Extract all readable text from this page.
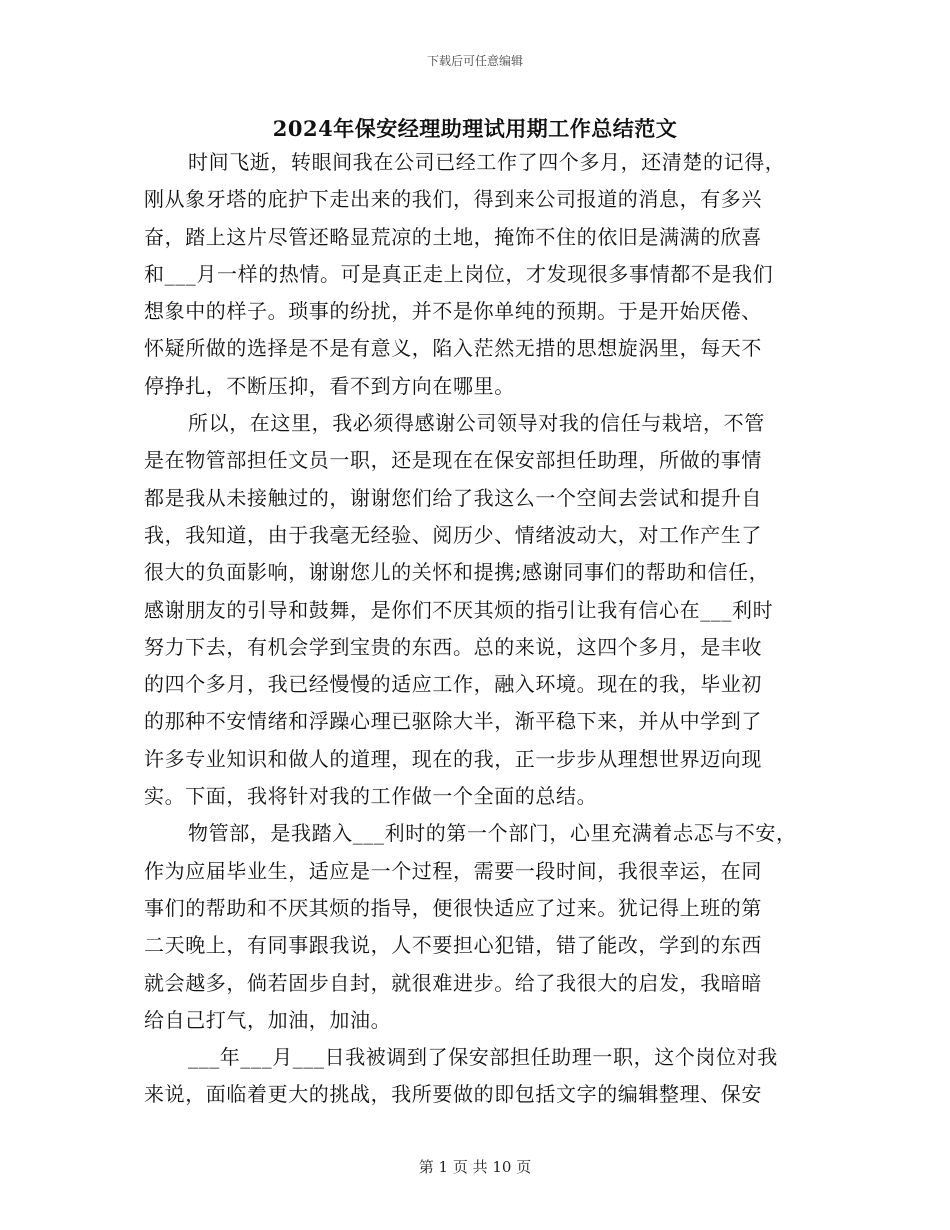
下载后可任意编辑
2024年保安经理助理试用期工作总结范文
时间飞逝，转眼间我在公司已经工作了四个多月，还清楚的记得，
刚从象牙塔的庇护下走出来的我们，得到来公司报道的消息，有多兴
奋，踏上这片尽管还略显荒凉的土地，掩饰不住的依旧是满满的欣喜
和___月一样的热情。可是真正走上岗位，才发现很多事情都不是我们
想象中的样子。琐事的纷扰，并不是你单纯的预期。于是开始厌倦、
怀疑所做的选择是不是有意义，陷入茫然无措的思想旋涡里，每天不
停挣扎，不断压抑，看不到方向在哪里。
所以，在这里，我必须得感谢公司领导对我的信任与栽培，不管
是在物管部担任文员一职，还是现在在保安部担任助理，所做的事情
都是我从未接触过的，谢谢您们给了我这么一个空间去尝试和提升自
我，我知道，由于我毫无经验、阅历少、情绪波动大，对工作产生了
很大的负面影响，谢谢您儿的关怀和提携;感谢同事们的帮助和信任，
感谢朋友的引导和鼓舞，是你们不厌其烦的指引让我有信心在___利时
努力下去，有机会学到宝贵的东西。总的来说，这四个多月，是丰收
的四个多月，我已经慢慢的适应工作，融入环境。现在的我，毕业初
的那种不安情绪和浮躁心理已驱除大半，渐平稳下来，并从中学到了
许多专业知识和做人的道理，现在的我，正一步步从理想世界迈向现
实。下面，我将针对我的工作做一个全面的总结。
物管部，是我踏入___利时的第一个部门，心里充满着忐忑与不安，
作为应届毕业生，适应是一个过程，需要一段时间，我很幸运，在同
事们的帮助和不厌其烦的指导，便很快适应了过来。犹记得上班的第
二天晚上，有同事跟我说，人不要担心犯错，错了能改，学到的东西
就会越多，倘若固步自封，就很难进步。给了我很大的启发，我暗暗
给自己打气，加油，加油。
___年___月___日我被调到了保安部担任助理一职，这个岗位对我
来说，面临着更大的挑战，我所要做的即包括文字的编辑整理、保安
第 1 页 共 10 页
